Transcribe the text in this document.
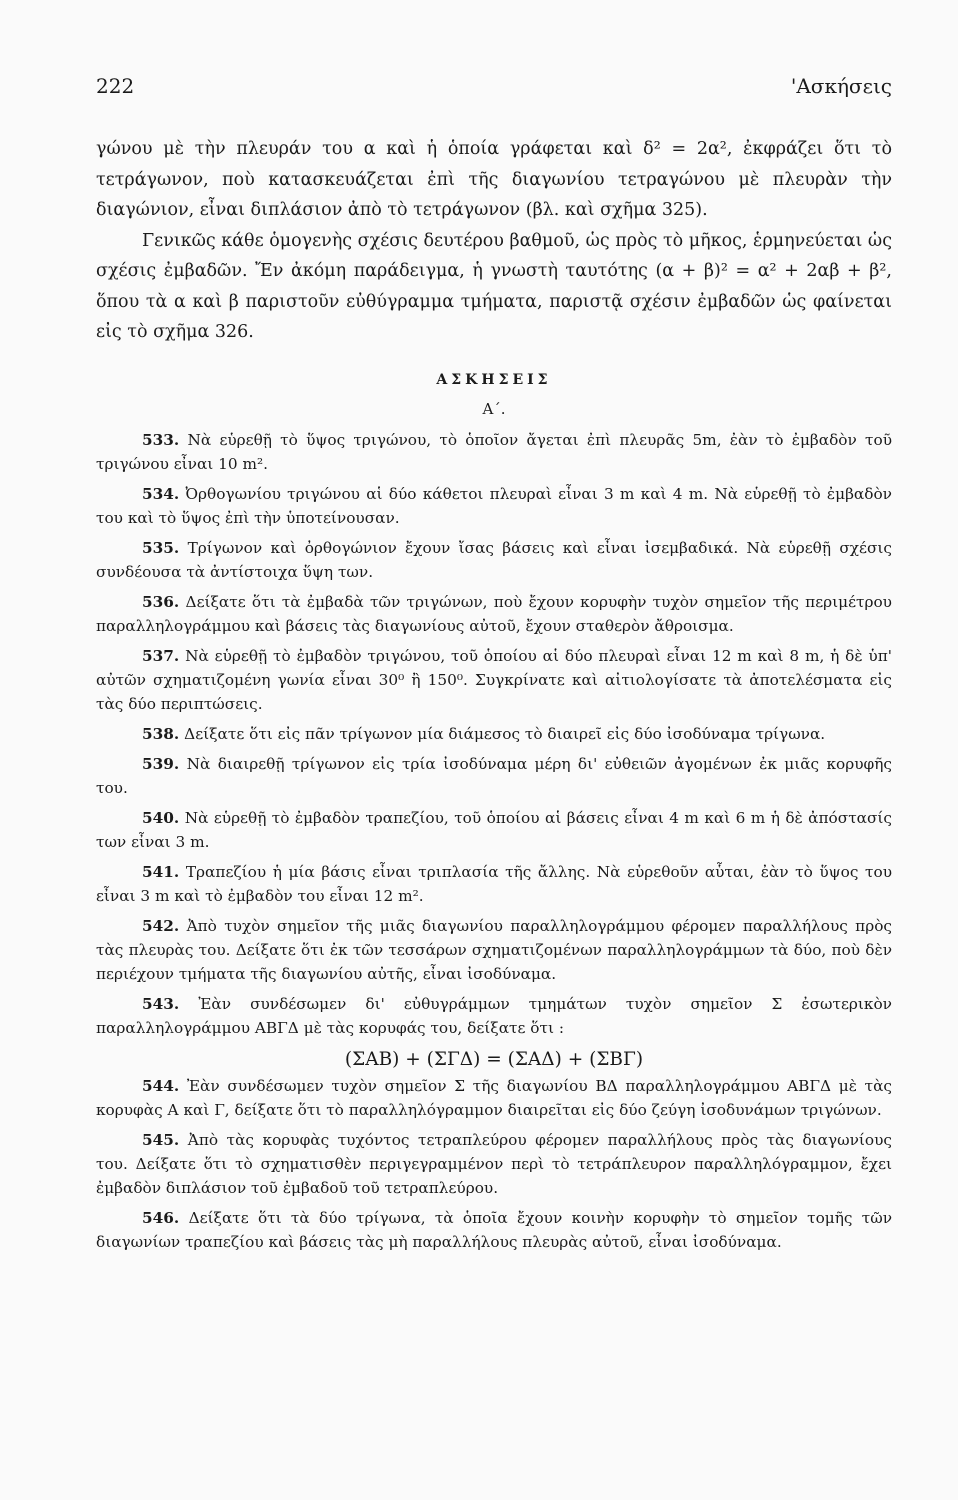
222	'Ασκήσεις

γώνου μὲ τὴν πλευράν του α καὶ ἡ ὁποία γράφεται καὶ δ² = 2α², ἐκφράζει ὅτι τὸ τετράγωνον, ποὺ κατασκευάζεται ἐπὶ τῆς διαγωνίου τετραγώνου μὲ πλευρὰν τὴν διαγώνιον, εἶναι διπλάσιον ἀπὸ τὸ τετράγωνον (βλ. καὶ σχῆμα 325).

Γενικῶς κάθε ὁμογενὴς σχέσις δευτέρου βαθμοῦ, ὡς πρὸς τὸ μῆκος, ἑρμηνεύεται ὡς σχέσις ἐμβαδῶν. Ἔν ἀκόμη παράδειγμα, ἡ γνωστὴ ταυτότης (α + β)² = α² + 2αβ + β², ὅπου τὰ α καὶ β παριστοῦν εὐθύγραμμα τμήματα, παριστᾷ σχέσιν ἐμβαδῶν ὡς φαίνεται εἰς τὸ σχῆμα 326.

ΑΣΚΗΣΕΙΣ
Α΄.

533. Νὰ εὑρεθῇ τὸ ὕψος τριγώνου, τὸ ὁποῖον ἄγεται ἐπὶ πλευρᾶς 5m, ἐὰν τὸ ἐμβαδὸν τοῦ τριγώνου εἶναι 10 m².

534. Ὀρθογωνίου τριγώνου αἱ δύο κάθετοι πλευραὶ εἶναι 3 m καὶ 4 m. Νὰ εὑρεθῇ τὸ ἐμβαδὸν του καὶ τὸ ὕψος ἐπὶ τὴν ὑποτείνουσαν.

535. Τρίγωνον καὶ ὀρθογώνιον ἔχουν ἴσας βάσεις καὶ εἶναι ἰσεμβαδικά. Νὰ εὑρεθῇ σχέσις συνδέουσα τὰ ἀντίστοιχα ὕψη των.

536. Δείξατε ὅτι τὰ ἐμβαδὰ τῶν τριγώνων, ποὺ ἔχουν κορυφὴν τυχὸν σημεῖον τῆς περιμέτρου παραλληλογράμμου καὶ βάσεις τὰς διαγωνίους αὐτοῦ, ἔχουν σταθερὸν ἄθροισμα.

537. Νὰ εὑρεθῇ τὸ ἐμβαδὸν τριγώνου, τοῦ ὁποίου αἱ δύο πλευραὶ εἶναι 12 m καὶ 8 m, ἡ δὲ ὑπ' αὐτῶν σχηματιζομένη γωνία εἶναι 30⁰ ἢ 150⁰. Συγκρίνατε καὶ αἰτιολογίσατε τὰ ἀποτελέσματα εἰς τὰς δύο περιπτώσεις.

538. Δείξατε ὅτι εἰς πᾶν τρίγωνον μία διάμεσος τὸ διαιρεῖ εἰς δύο ἰσοδύναμα τρίγωνα.

539. Νὰ διαιρεθῇ τρίγωνον εἰς τρία ἰσοδύναμα μέρη δι' εὐθειῶν ἀγομένων ἐκ μιᾶς κορυφῆς του.

540. Νὰ εὑρεθῇ τὸ ἐμβαδὸν τραπεζίου, τοῦ ὁποίου αἱ βάσεις εἶναι 4 m καὶ 6 m ἡ δὲ ἀπόστασίς των εἶναι 3 m.

541. Τραπεζίου ἡ μία βάσις εἶναι τριπλασία τῆς ἄλλης. Νὰ εὑρεθοῦν αὗται, ἐὰν τὸ ὕψος του εἶναι 3 m καὶ τὸ ἐμβαδὸν του εἶναι 12 m².

542. Ἀπὸ τυχὸν σημεῖον τῆς μιᾶς διαγωνίου παραλληλογράμμου φέρομεν παραλλήλους πρὸς τὰς πλευρὰς του. Δείξατε ὅτι ἐκ τῶν τεσσάρων σχηματιζομένων παραλληλογράμμων τὰ δύο, ποὺ δὲν περιέχουν τμήματα τῆς διαγωνίου αὐτῆς, εἶναι ἰσοδύναμα.

543. Ἐὰν συνδέσωμεν δι' εὐθυγράμμων τμημάτων τυχὸν σημεῖον Σ ἐσωτερικὸν παραλληλογράμμου ΑΒΓΔ μὲ τὰς κορυφάς του, δείξατε ὅτι :

(ΣΑΒ) + (ΣΓΔ) = (ΣΑΔ) + (ΣΒΓ)

544. Ἐὰν συνδέσωμεν τυχὸν σημεῖον Σ τῆς διαγωνίου ΒΔ παραλληλογράμμου ΑΒΓΔ μὲ τὰς κορυφὰς Α καὶ Γ, δείξατε ὅτι τὸ παραλληλόγραμμον διαιρεῖται εἰς δύο ζεύγη ἰσοδυνάμων τριγώνων.

545. Ἀπὸ τὰς κορυφὰς τυχόντος τετραπλεύρου φέρομεν παραλλήλους πρὸς τὰς διαγωνίους του. Δείξατε ὅτι τὸ σχηματισθὲν περιγεγραμμένον περὶ τὸ τετράπλευρον παραλληλόγραμμον, ἔχει ἐμβαδὸν διπλάσιον τοῦ ἐμβαδοῦ τοῦ τετραπλεύρου.

546. Δείξατε ὅτι τὰ δύο τρίγωνα, τὰ ὁποῖα ἔχουν κοινὴν κορυφὴν τὸ σημεῖον τομῆς τῶν διαγωνίων τραπεζίου καὶ βάσεις τὰς μὴ παραλλήλους πλευρὰς αὐτοῦ, εἶναι ἰσοδύναμα.
